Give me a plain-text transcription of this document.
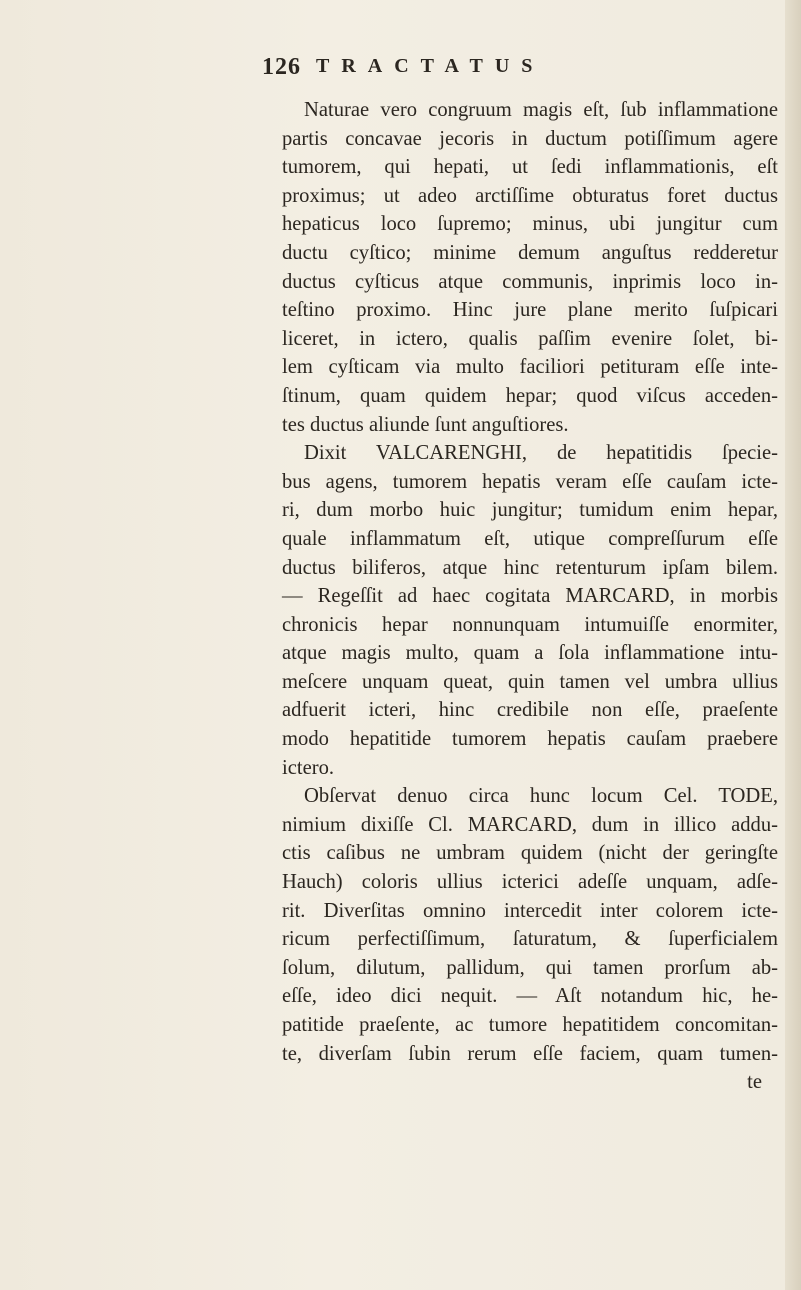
126 TRACTATUS
Naturae vero congruum magis eſt, ſub inflammatione
partis concavae jecoris in ductum potiſſimum agere
tumorem, qui hepati, ut ſedi inflammationis, eſt
proximus; ut adeo arctiſſime obturatus foret ductus
hepaticus loco ſupremo; minus, ubi jungitur cum
ductu cyſtico; minime demum anguſtus redderetur
ductus cyſticus atque communis, inprimis loco in-
teſtino proximo. Hinc jure plane merito ſuſpicari
liceret, in ictero, qualis paſſim evenire ſolet, bi-
lem cyſticam via multo faciliori petituram eſſe inte-
ſtinum, quam quidem hepar; quod viſcus acceden-
tes ductus aliunde ſunt anguſtiores.
Dixit VALCARENGHI, de hepatitidis ſpecie-
bus agens, tumorem hepatis veram eſſe cauſam icte-
ri, dum morbo huic jungitur; tumidum enim hepar,
quale inflammatum eſt, utique compreſſurum eſſe
ductus biliferos, atque hinc retenturum ipſam bilem.
— Regeſſit ad haec cogitata MARCARD, in morbis
chronicis hepar nonnunquam intumuiſſe enormiter,
atque magis multo, quam a ſola inflammatione intu-
meſcere unquam queat, quin tamen vel umbra ullius
adfuerit icteri, hinc credibile non eſſe, praeſente
modo hepatitide tumorem hepatis cauſam praebere
ictero.
Obſervat denuo circa hunc locum Cel. TODE,
nimium dixiſſe Cl. MARCARD, dum in illico addu-
ctis caſibus ne umbram quidem (nicht der geringſte
Hauch) coloris ullius icterici adeſſe unquam, adſe-
rit. Diverſitas omnino intercedit inter colorem icte-
ricum perfectiſſimum, ſaturatum, & ſuperficialem
ſolum, dilutum, pallidum, qui tamen prorſum ab-
eſſe, ideo dici nequit. — Aſt notandum hic, he-
patitide praeſente, ac tumore hepatitidem concomitan-
te, diverſam ſubin rerum eſſe faciem, quam tumen-
te
